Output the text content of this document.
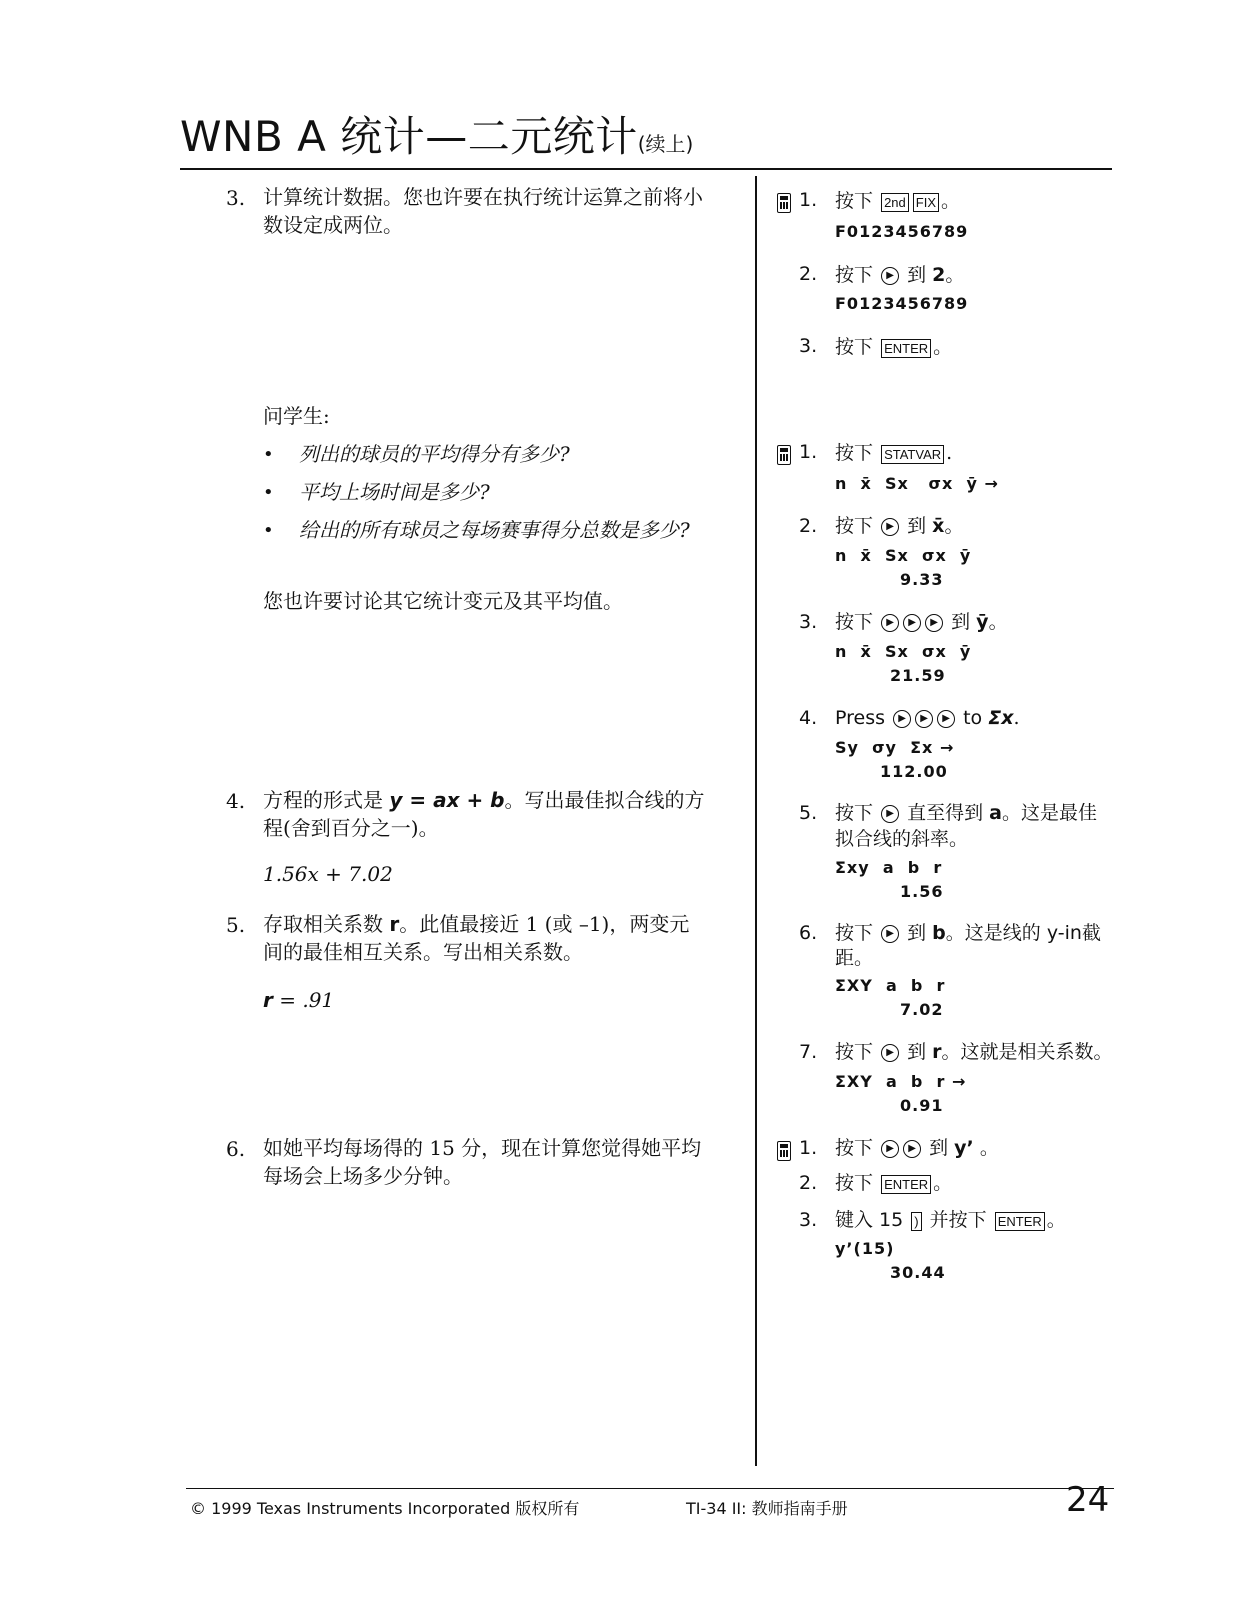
WNB A 统计—二元统计(续上)
3. 计算统计数据。您也许要在执行统计运算之前将小数设定成两位。
问学生:
• 列出的球员的平均得分有多少?
• 平均上场时间是多少?
• 给出的所有球员之每场赛事得分总数是多少?
您也许要讨论其它统计变元及其平均值。
4. 方程的形式是 y = ax + b。写出最佳拟合线的方程(舍到百分之一)。
1.56x + 7.02
5. 存取相关系数 r。此值最接近 1 (或 –1)，两变元间的最佳相互关系。写出相关系数。
r = .91
6. 如她平均每场得的 15 分，现在计算您觉得她平均每场会上场多少分钟。
1. 按下 2nd FIX 。
F0123456789
2. 按下 ▶ 到 2。
F0123456789
3. 按下 ENTER 。
1. 按下 STATVAR .
n  x̄  Sx   σx  ȳ →
2. 按下 ▶ 到 x̄。
n  x̄  Sx  σx  ȳ
9.33
3. 按下 ▶ ▶ ▶ 到 ȳ。
n  x̄  Sx  σx  ȳ
21.59
4. Press ▶ ▶ ▶ to Σx.
Sy  σy  Σx →
112.00
5. 按下 ▶ 直至得到 a。这是最佳
拟合线的斜率。
Σxy  a  b  r
1.56
6. 按下 ▶ 到 b。这是线的 y-in截
距。
ΣXY  a  b  r
7.02
7. 按下 ▶ 到 r。这就是相关系数。
ΣXY  a  b  r →
0.91
1. 按下 ▶ ▶ 到 y’ 。
2. 按下 ENTER 。
3. 键入 15 ) 并按下 ENTER 。
y’(15)
30.44
© 1999 Texas Instruments Incorporated 版权所有	TI-34 II: 教师指南手册	24
